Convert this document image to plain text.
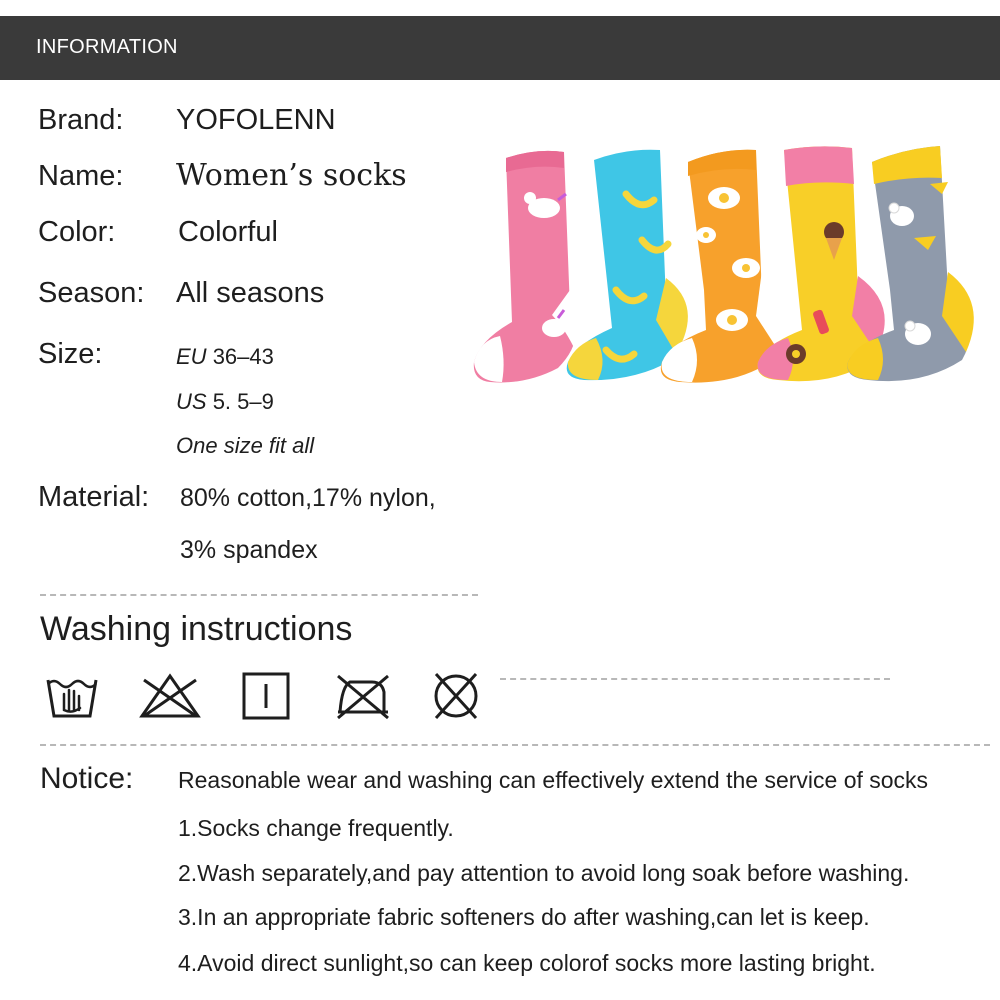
INFORMATION
Brand: YOFOLENN
Name: Women’s socks
Color: Colorful
Season: All seasons
Size:	EU 36–43
US 5. 5–9
One size fit all
Material: 80% cotton,17% nylon,
3% spandex
Washing instructions
Notice: Reasonable wear and washing can effectively extend the service of socks
1.Socks change frequently.
2.Wash separately,and pay attention to avoid long soak before washing.
3.In an appropriate fabric softeners do after washing,can let is keep.
4.Avoid direct sunlight,so can keep colorof socks more lasting bright.
